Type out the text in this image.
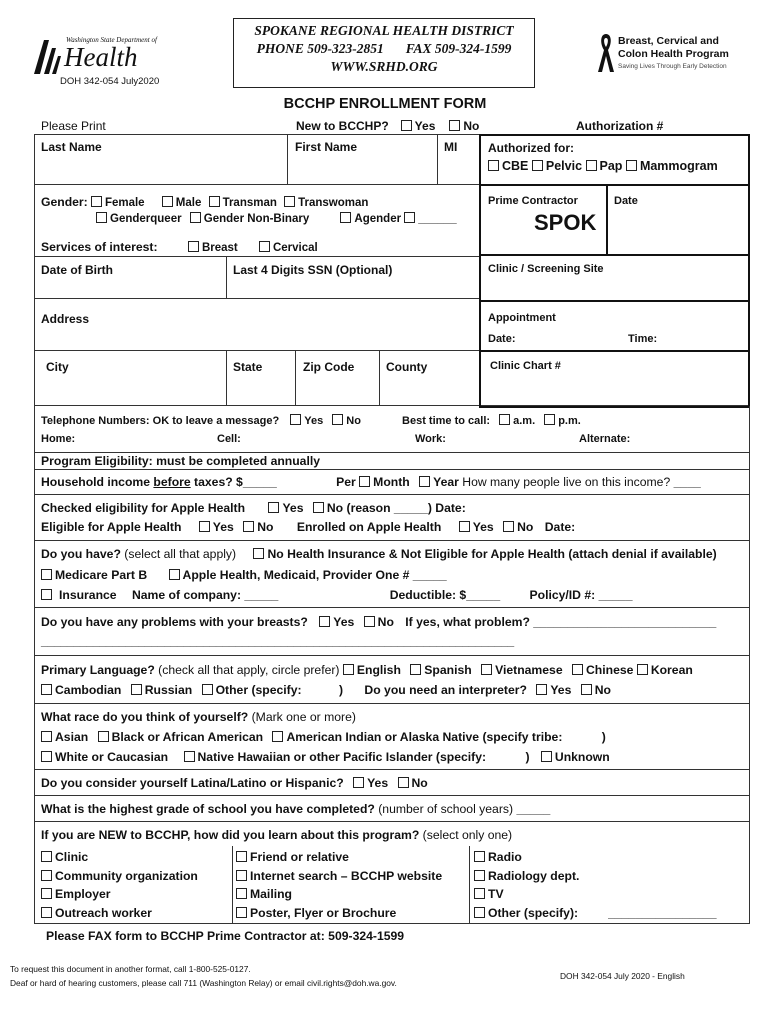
Washington State Department of
Health
DOH 342-054 July2020
SPOKANE REGIONAL HEALTH DISTRICT
PHONE 509-323-2851 FAX 509-324-1599
WWW.SRHD.ORG
Breast, Cervical and
Colon Health Program
Saving Lives Through Early Detection
BCCHP ENROLLMENT FORM
Please Print	New to BCCHP? Yes No	Authorization #
Last Name	First Name	MI	Authorized for:
CBE Pelvic Pap Mammogram
Gender: Female	Male Transman Transwoman
Genderqueer Gender Non-Binary	Agender ______
Prime Contractor	Date
SPOK
Services of interest:	Breast	Cervical
Date of Birth	Last 4 Digits SSN (Optional)	Clinic / Screening Site
Address	Appointment
Date:	Time:
City	State	Zip Code	County	Clinic Chart #
Telephone Numbers: OK to leave a message? Yes No	Best time to call: a.m. p.m.
Home:	Cell:	Work:	Alternate:
Program Eligibility: must be completed annually
Household income before taxes? $_____	Per Month Year How many people live on this income? ____
Checked eligibility for Apple Health	Yes No (reason _____) Date:
Eligible for Apple Health	Yes No Enrolled on Apple Health	Yes No Date:
Do you have? (select all that apply)	No Health Insurance & Not Eligible for Apple Health (attach denial if available)
Medicare Part B	Apple Health, Medicaid, Provider One # _____
Insurance Name of company: _____	Deductible: $_____ Policy/ID #: _____
Do you have any problems with your breasts? Yes No If yes, what problem? ___________________________
_________________________________________________________________________
Primary Language? (check all that apply, circle prefer) English Spanish Vietnamese Chinese Korean
Cambodian Russian Other (specify:	) Do you need an interpreter? Yes No
What race do you think of yourself? (Mark one or more)
Asian Black or African American American Indian or Alaska Native (specify tribe:	)
White or Caucasian Native Hawaiian or other Pacific Islander (specify:	) Unknown
Do you consider yourself Latina/Latino or Hispanic? Yes No
What is the highest grade of school you have completed? (number of school years) _____
If you are NEW to BCCHP, how did you learn about this program? (select only one)
Clinic
Community organization
Employer
Outreach worker
Friend or relative
Internet search – BCCHP website
Mailing
Poster, Flyer or Brochure
Radio
Radiology dept.
TV
Other (specify): ________________
Please FAX form to BCCHP Prime Contractor at: 509-324-1599
To request this document in another format, call 1-800-525-0127.
Deaf or hard of hearing customers, please call 711 (Washington Relay) or email civil.rights@doh.wa.gov.
DOH 342-054 July 2020 - English
